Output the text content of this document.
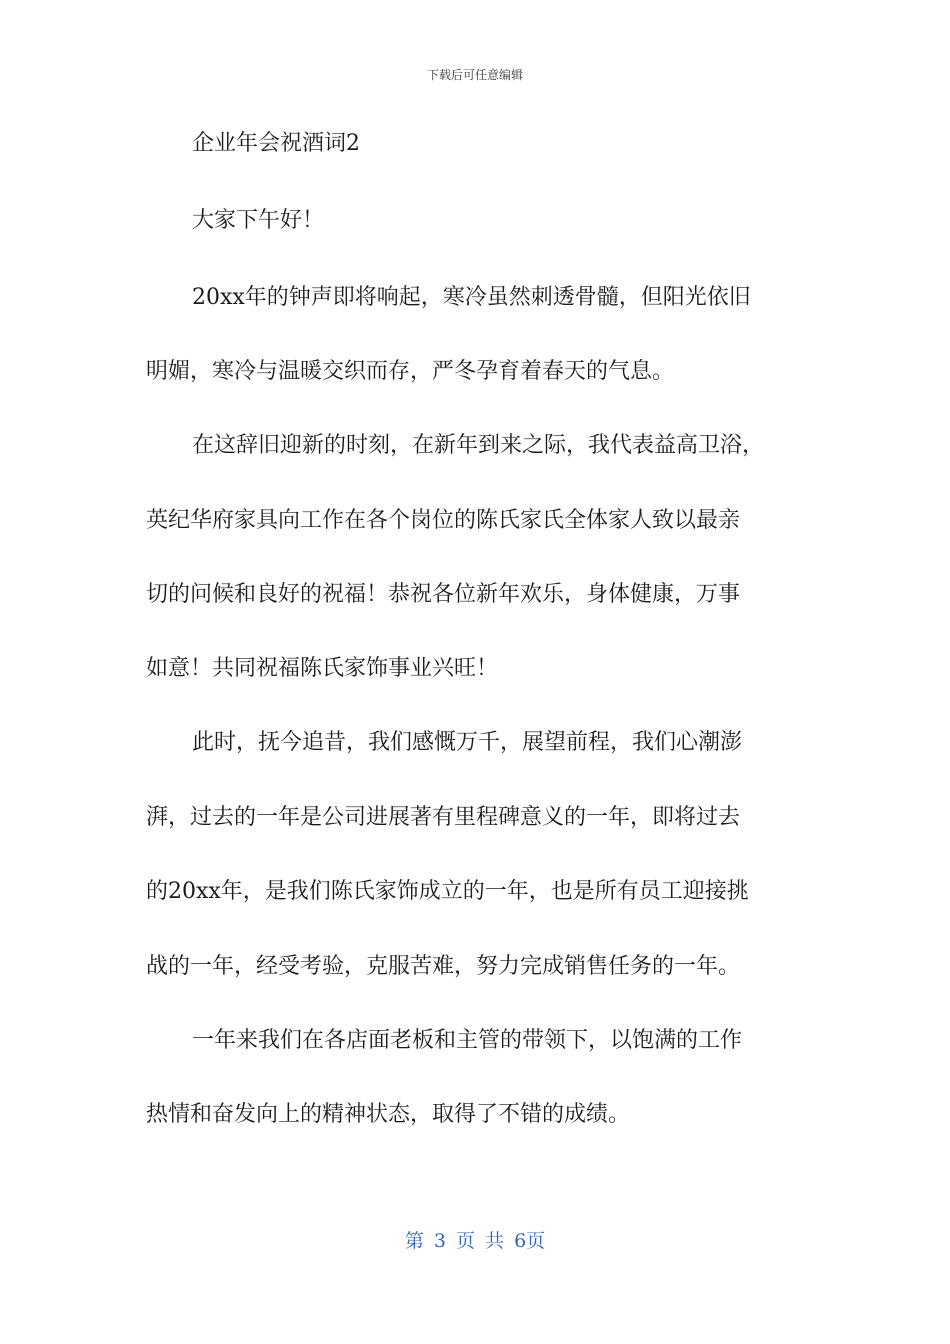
下载后可任意编辑
企业年会祝酒词2
大家下午好！
20xx年的钟声即将响起，寒冷虽然刺透骨髓，但阳光依旧
明媚，寒冷与温暖交织而存，严冬孕育着春天的气息。
在这辞旧迎新的时刻，在新年到来之际，我代表益高卫浴，
英纪华府家具向工作在各个岗位的陈氏家氏全体家人致以最亲
切的问候和良好的祝福！恭祝各位新年欢乐，身体健康，万事
如意！共同祝福陈氏家饰事业兴旺！
此时，抚今追昔，我们感慨万千，展望前程，我们心潮澎
湃，过去的一年是公司进展著有里程碑意义的一年，即将过去
的20xx年，是我们陈氏家饰成立的一年，也是所有员工迎接挑
战的一年，经受考验，克服苦难，努力完成销售任务的一年。
一年来我们在各店面老板和主管的带领下，以饱满的工作
热情和奋发向上的精神状态，取得了不错的成绩。
第 3 页 共 6页
